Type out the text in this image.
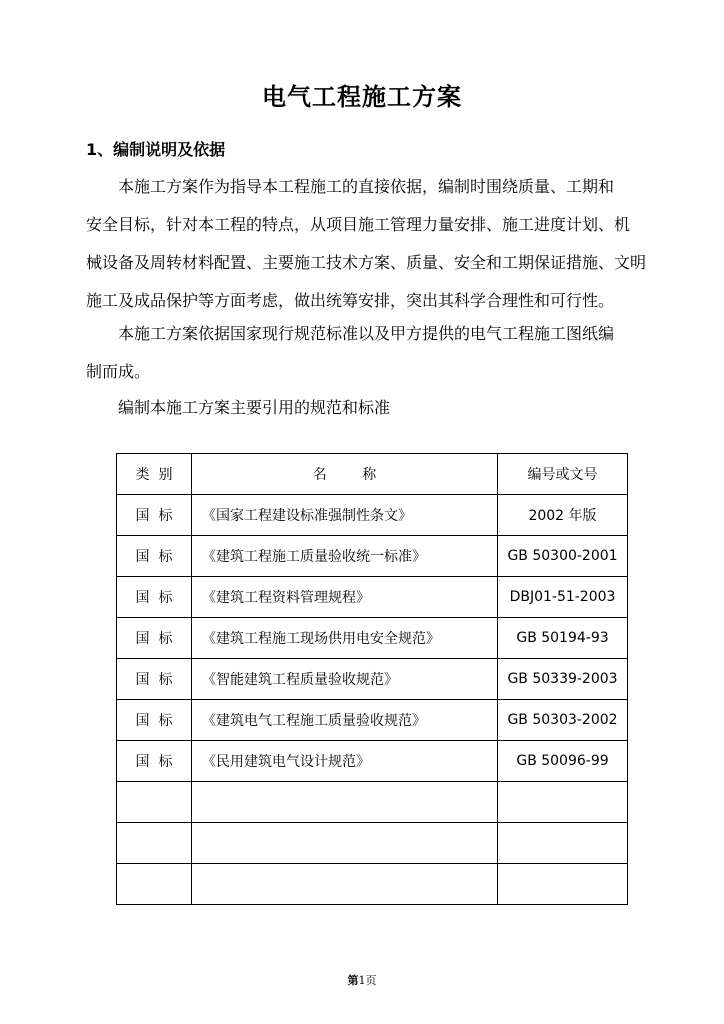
电气工程施工方案
1、编制说明及依据
本施工方案作为指导本工程施工的直接依据，编制时围绕质量、工期和
安全目标，针对本工程的特点，从项目施工管理力量安排、施工进度计划、机
械设备及周转材料配置、主要施工技术方案、质量、安全和工期保证措施、文明
施工及成品保护等方面考虑，做出统筹安排，突出其科学合理性和可行性。
本施工方案依据国家现行规范标准以及甲方提供的电气工程施工图纸编
制而成。
编制本施工方案主要引用的规范和标准
类  别	名        称	编号或文号
国  标	《国家工程建设标准强制性条文》	2002 年版
国  标	《建筑工程施工质量验收统一标准》	GB 50300-2001
国  标	《建筑工程资料管理规程》	DBJ01-51-2003
国  标	《建筑工程施工现场供用电安全规范》	GB 50194-93
国  标	《智能建筑工程质量验收规范》	GB 50339-2003
国  标	《建筑电气工程施工质量验收规范》	GB 50303-2002
国  标	《民用建筑电气设计规范》	GB 50096-99

第1页
